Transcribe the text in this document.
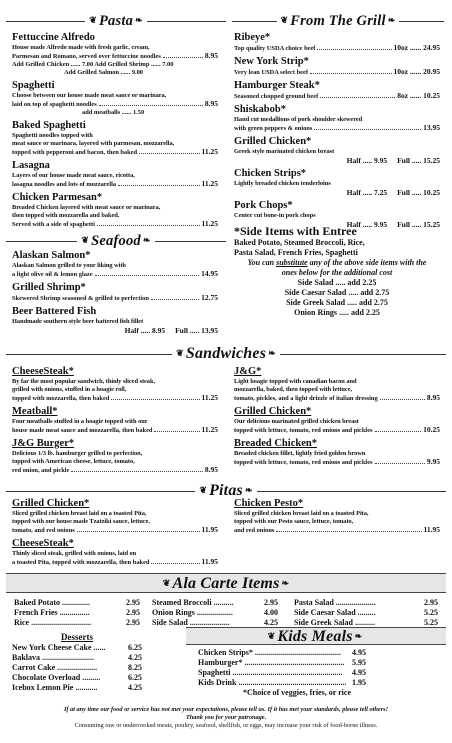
❦ Pasta ❧
❦	From The Grill ❧
Fettuccine Alfredo
House made Alfredo made with fresh garlic, cream,
Parmesan and Romano, served over fettuccine noodles	8.95
Add Grilled Chicken ...... 7.00 Add Grilled Shrimp ...... 7.00
Add Grilled Salmon ...... 9.00
Spaghetti
Choose between our house made meat sauce or marinara,
laid on top of spaghetti noodles	8.95
add meatballs ...... 1.50
Baked Spaghetti
Spaghetti noodles topped with
meat sauce or marinara, layered with parmesan, mozzarella,
topped with pepperoni and bacon, then baked	11.25
Lasagna
Layers of our house made meat sauce, ricotta,
lasagna noodles and lots of mozzarella	11.25
Chicken Parmesan*
Breaded Chicken layered with meat sauce or marinara,
then topped with mozzarella and baked.
Served with a side of spaghetti	11.25
❦ Seafood ❧
Alaskan Salmon*
Alaskan Salmon grilled to your liking with
a light olive oil & lemon glaze	14.95
Grilled Shrimp*
Skewered Shrimp seasoned & grilled to perfection	12.75
Beer Battered Fish
Handmade southern style beer battered fish fillet
Half ..... 8.95 Full ..... 13.95
Ribeye*
Top quality USDA choice beef	10oz ...... 24.95
New York Strip*
Very lean USDA select beef	10oz ...... 20.95
Hamburger Steak*
Seasoned chopped ground beef	8oz ...... 10.25
Shiskabob*
Hand cut medallions of pork shoulder skewered
with green peppers & onions	13.95
Grilled Chicken*
Greek style marinated chicken breast
Half ..... 9.95 Full ..... 15.25
Chicken Strips*
Lightly breaded chicken tenderloins
Half ..... 7.25 Full ..... 10.25
Pork Chops*
Center cut bone-in pork chops
Half ..... 9.95 Full ..... 15.25
*Side Items with Entree
Baked Potato, Steamed Broccoli, Rice,
Pasta Salad, French Fries, Spaghetti
You can substitute any of the above side items with the
ones below for the additional cost
Side Salad ..... add 2.25
Side Caesar Salad ..... add 2.75
Side Greek Salad ..... add 2.75
Onion Rings ..... add 2.25
❦ Sandwiches ❧
CheeseSteak*
By far the most popular sandwich, thinly sliced steak,
grilled with onions, stuffed in a hoagie roll,
topped with mozzarella, then baked	11.25
Meatball*
Four meatballs stuffed in a hoagie topped with our
house made meat sauce and mozzarella, then baked	11.25
J&G Burger*
Delicious 1/3 lb. hamburger grilled to perfection,
topped with American cheese, lettuce, tomato,
red onion, and pickle	8.95
J&G*
Light hoagie topped with canadian bacon and
mozzarella, baked, then topped with lettuce,
tomato, pickles, and a light drizzle of italian dressing	8.95
Grilled Chicken*
Our delicious marinated grilled chicken breast
topped with lettuce, tomato, red onions and pickles	10.25
Breaded Chicken*
Breaded chicken fillet, lightly fried golden brown
topped with lettuce, tomato, red onions and pickles	9.95
❦ Pitas ❧
Grilled Chicken*
Sliced grilled chicken breast laid on a toasted Pita,
topped with our house made Tzatziki sauce, lettuce,
tomato, and red onions	11.95
CheeseSteak*
Thinly sliced steak, grilled with onions, laid on
a toasted Pita, topped with mozzarella, then baked	11.95
Chicken Pesto*
Sliced grilled chicken breast laid on a toasted Pita,
topped with our Pesto sauce, lettuce, tomato,
and red onions	11.95
❦ Ala Carte Items ❧
Baked Potato ..............	2.95
French Fries ...............	2.95
Rice ..............................	2.95
Steamed Broccoli ..........	2.95
Onion Rings ..................	4.00
Side Salad ....................	4.25
Pasta Salad ....................	2.95
Side Caesar Salad .........	5.25
Side Greek Salad ..........	5.25
Desserts
New York Cheese Cake ......	6.25
Baklava ..........................	4.25
Carrot Cake ....................	8.25
Chocolate Overload .........	6.25
Icebox Lemon Pie ...........	4.25
❦ Kids Meals ❧
Chicken Strips* ........................................... 4.95
Hamburger* .................................................. 5.95
Spaghetti ....................................................... 4.95
Kids Drink ...................................................... 1.95
*Choice of veggies, fries, or rice
If at any time our food or service has not met your expectations, please tell us. If it has met your standards, please tell others!
Thank you for your patronage.
Consuming raw or undercooked meats, poultry, seafood, shellfish, or eggs, may increase your risk of food-borne illness.
